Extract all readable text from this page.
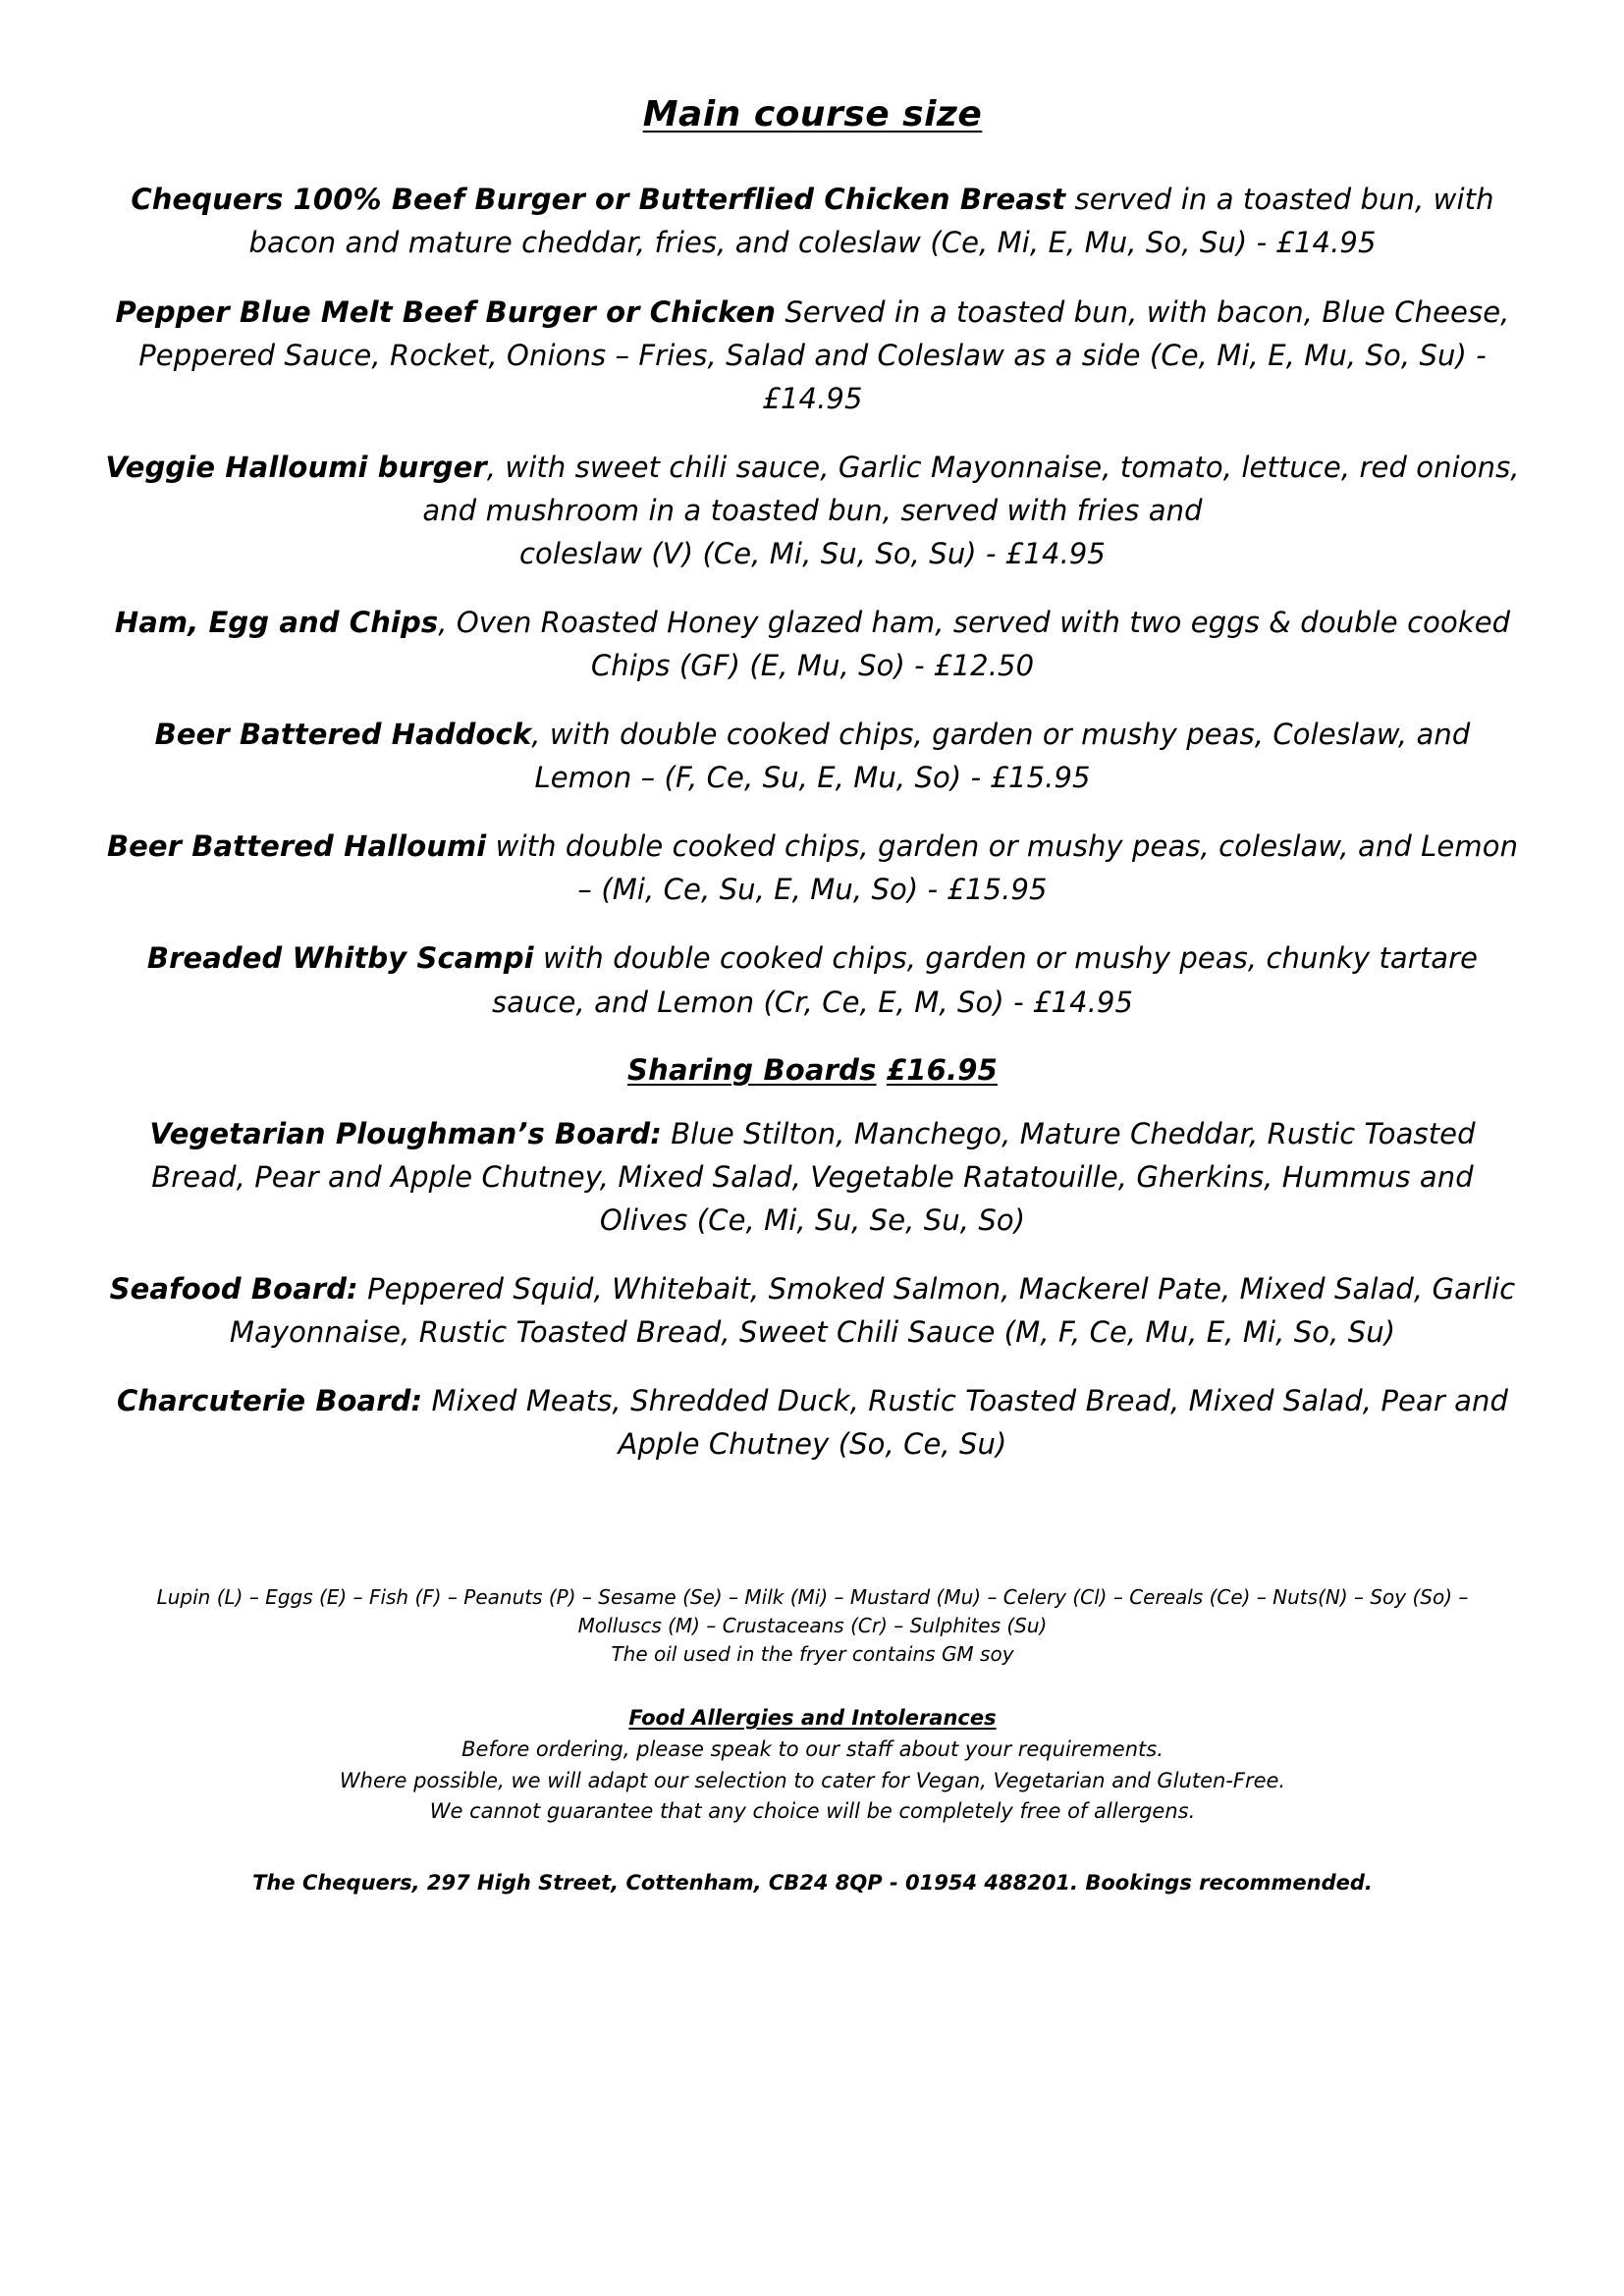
Main course size

Chequers 100% Beef Burger or Butterflied Chicken Breast served in a toasted bun, with bacon and mature cheddar, fries, and coleslaw (Ce, Mi, E, Mu, So, Su) - £14.95

Pepper Blue Melt Beef Burger or Chicken Served in a toasted bun, with bacon, Blue Cheese, Peppered Sauce, Rocket, Onions – Fries, Salad and Coleslaw as a side (Ce, Mi, E, Mu, So, Su) - £14.95

Veggie Halloumi burger, with sweet chili sauce, Garlic Mayonnaise, tomato, lettuce, red onions, and mushroom in a toasted bun, served with fries and
coleslaw (V) (Ce, Mi, Su, So, Su) - £14.95

Ham, Egg and Chips, Oven Roasted Honey glazed ham, served with two eggs & double cooked Chips (GF) (E, Mu, So) - £12.50

Beer Battered Haddock, with double cooked chips, garden or mushy peas, Coleslaw, and Lemon – (F, Ce, Su, E, Mu, So) - £15.95

Beer Battered Halloumi with double cooked chips, garden or mushy peas, coleslaw, and Lemon – (Mi, Ce, Su, E, Mu, So) - £15.95

Breaded Whitby Scampi with double cooked chips, garden or mushy peas, chunky tartare sauce, and Lemon (Cr, Ce, E, M, So) - £14.95

Sharing Boards £16.95

Vegetarian Ploughman’s Board: Blue Stilton, Manchego, Mature Cheddar, Rustic Toasted Bread, Pear and Apple Chutney, Mixed Salad, Vegetable Ratatouille, Gherkins, Hummus and Olives (Ce, Mi, Su, Se, Su, So)

Seafood Board: Peppered Squid, Whitebait, Smoked Salmon, Mackerel Pate, Mixed Salad, Garlic Mayonnaise, Rustic Toasted Bread, Sweet Chili Sauce (M, F, Ce, Mu, E, Mi, So, Su)

Charcuterie Board: Mixed Meats, Shredded Duck, Rustic Toasted Bread, Mixed Salad, Pear and Apple Chutney (So, Ce, Su)

Lupin (L) – Eggs (E) – Fish (F) – Peanuts (P) – Sesame (Se) – Milk (Mi) – Mustard (Mu) – Celery (Cl) – Cereals (Ce) – Nuts(N) – Soy (So) –

Molluscs (M) – Crustaceans (Cr) – Sulphites (Su)

The oil used in the fryer contains GM soy

Food Allergies and Intolerances

Before ordering, please speak to our staff about your requirements.

Where possible, we will adapt our selection to cater for Vegan, Vegetarian and Gluten-Free.

We cannot guarantee that any choice will be completely free of allergens.

The Chequers, 297 High Street, Cottenham, CB24 8QP - 01954 488201. Bookings recommended.
